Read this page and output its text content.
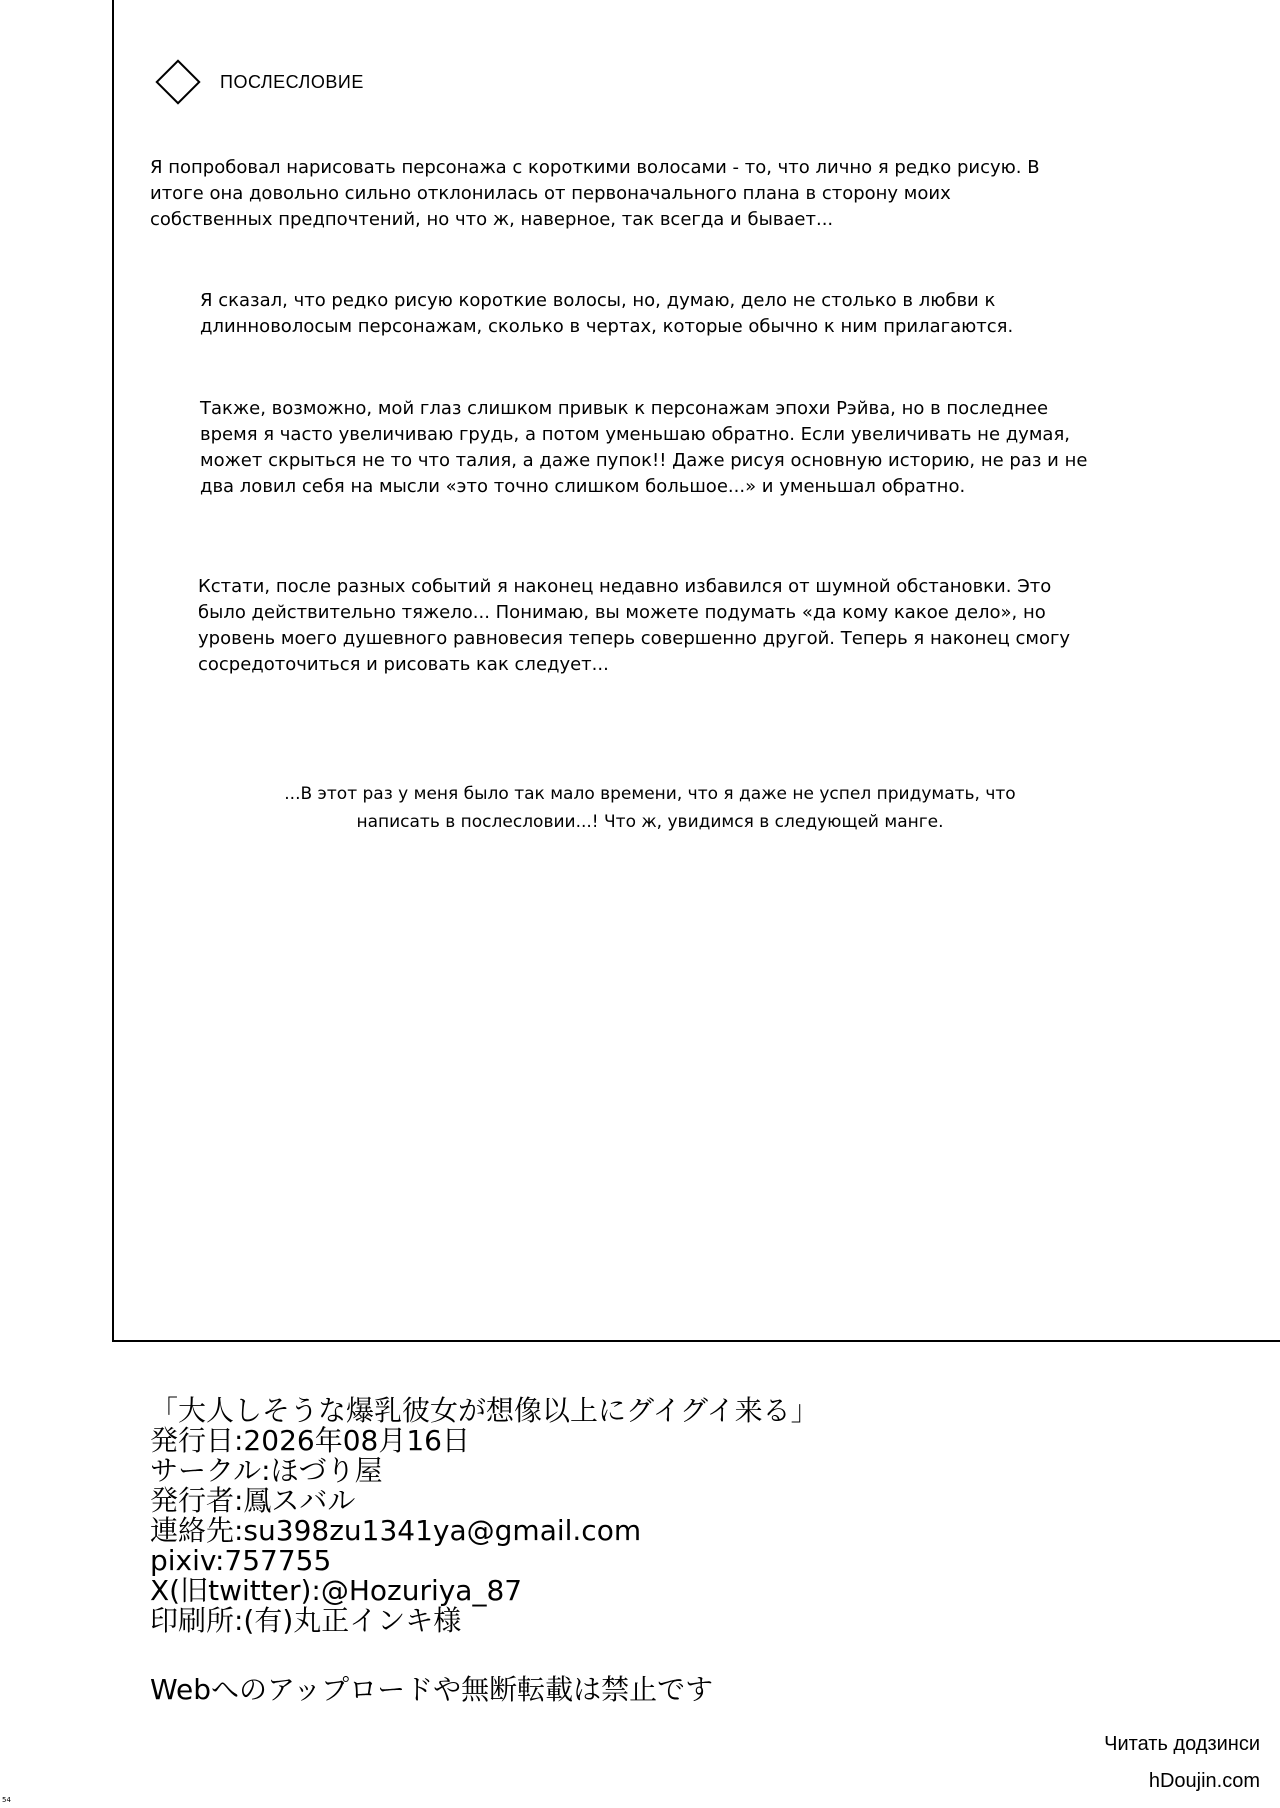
ПОСЛЕСЛОВИЕ
Я попробовал нарисовать персонажа с короткими волосами - то, что лично я редко рисую. В итоге она довольно сильно отклонилась от первоначального плана в сторону моих собственных предпочтений, но что ж, наверное, так всегда и бывает...
Я сказал, что редко рисую короткие волосы, но, думаю, дело не столько в любви к длинноволосым персонажам, сколько в чертах, которые обычно к ним прилагаются.
Также, возможно, мой глаз слишком привык к персонажам эпохи Рэйва, но в последнее время я часто увеличиваю грудь, а потом уменьшаю обратно. Если увеличивать не думая, может скрыться не то что талия, а даже пупок!! Даже рисуя основную историю, не раз и не два ловил себя на мысли «это точно слишком большое...» и уменьшал обратно.
Кстати, после разных событий я наконец недавно избавился от шумной обстановки. Это было действительно тяжело... Понимаю, вы можете подумать «да кому какое дело», но уровень моего душевного равновесия теперь совершенно другой. Теперь я наконец смогу сосредоточиться и рисовать как следует...
...В этот раз у меня было так мало времени, что я даже не успел придумать, что
написать в послесловии...! Что ж, увидимся в следующей манге.
「大人しそうな爆乳彼女が想像以上にグイグイ来る」
発行日:2026年08月16日
サークル:ほづり屋
発行者:鳳スバル
連絡先:su398zu1341ya@gmail.com
pixiv:757755
X(旧twitter):@Hozuriya_87
印刷所:(有)丸正インキ様
Webへのアップロードや無断転載は禁止です
Читать додзинси
hDoujin.com
54
